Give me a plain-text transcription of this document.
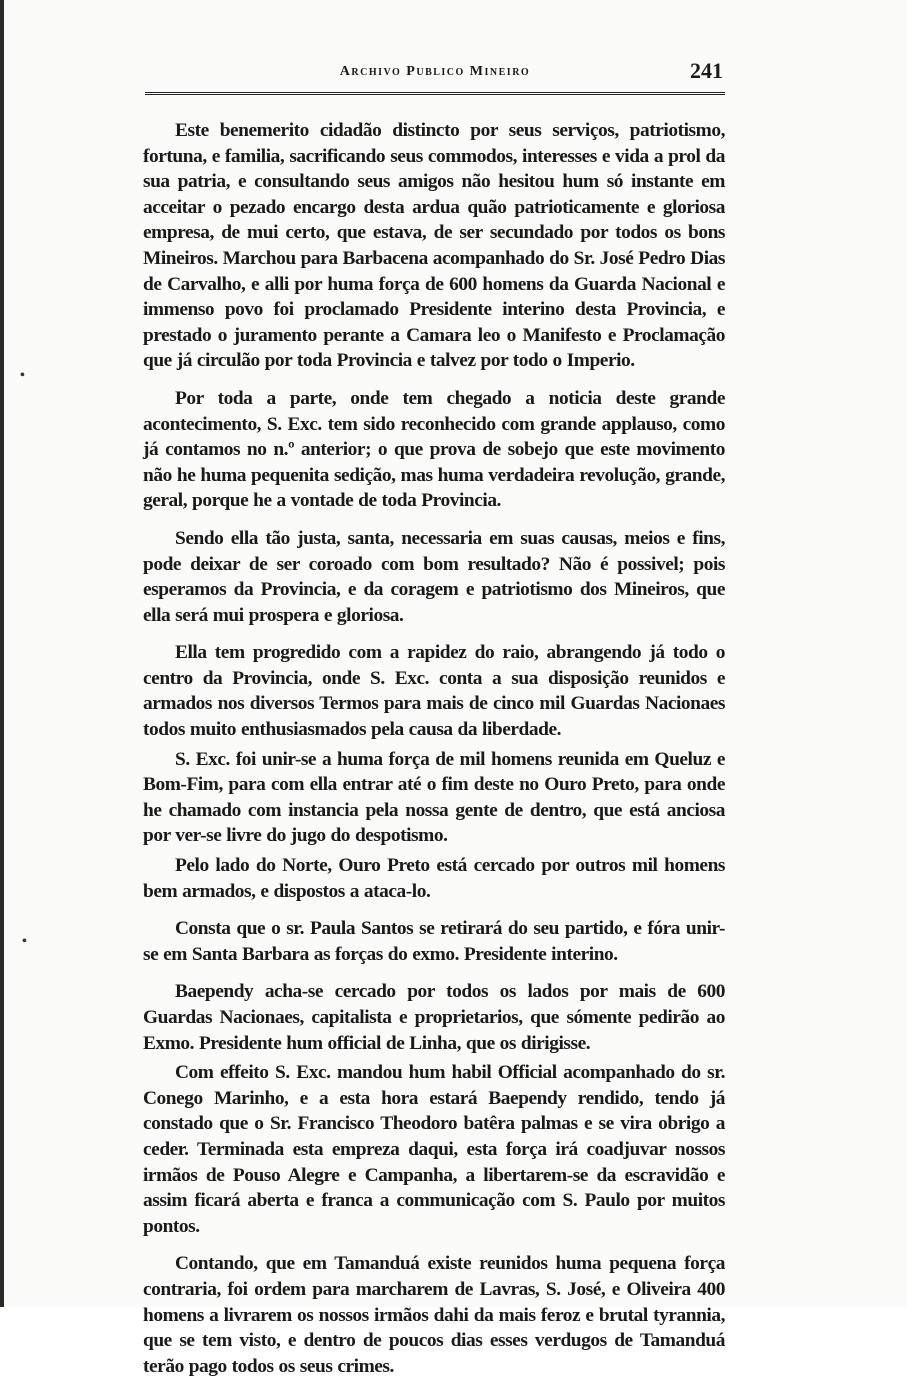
Archivo Publico Mineiro	241
•
•

Este benemerito cidadão distincto por seus serviços, patriotismo, fortuna, e familia, sacrificando seus commodos, interesses e vida a prol da sua patria, e consultando seus amigos não hesitou hum só instante em acceitar o pezado encargo desta ardua quão patrioticamente e gloriosa empresa, de mui certo, que estava, de ser secundado por todos os bons Mineiros. Marchou para Barbacena acompanhado do Sr. José Pedro Dias de Carvalho, e alli por huma força de 600 homens da Guarda Nacional e immenso povo foi proclamado Presidente interino desta Provincia, e prestado o juramento perante a Camara leo o Manifesto e Proclamação que já circulão por toda Provincia e talvez por todo o Imperio.

Por toda a parte, onde tem chegado a noticia deste grande acontecimento, S. Exc. tem sido reconhecido com grande applauso, como já contamos no n.º anterior; o que prova de sobejo que este movimento não he huma pequenita sedição, mas huma verdadeira revolução, grande, geral, porque he a vontade de toda Provincia.

Sendo ella tão justa, santa, necessaria em suas causas, meios e fins, pode deixar de ser coroado com bom resultado? Não é possivel; pois esperamos da Provincia, e da coragem e patriotismo dos Mineiros, que ella será mui prospera e gloriosa.

Ella tem progredido com a rapidez do raio, abrangendo já todo o centro da Provincia, onde S. Exc. conta a sua disposição reunidos e armados nos diversos Termos para mais de cinco mil Guardas Nacionaes todos muito enthusiasmados pela causa da liberdade.

S. Exc. foi unir-se a huma força de mil homens reunida em Queluz e Bom-Fim, para com ella entrar até o fim deste no Ouro Preto, para onde he chamado com instancia pela nossa gente de dentro, que está anciosa por ver-se livre do jugo do despotismo.

Pelo lado do Norte, Ouro Preto está cercado por outros mil homens bem armados, e dispostos a ataca-lo.

Consta que o sr. Paula Santos se retirará do seu partido, e fóra unir-se em Santa Barbara as forças do exmo. Presidente interino.

Baependy acha-se cercado por todos os lados por mais de 600 Guardas Nacionaes, capitalista e proprietarios, que sómente pedirão ao Exmo. Presidente hum official de Linha, que os dirigisse.

Com effeito S. Exc. mandou hum habil Official acompanhado do sr. Conego Marinho, e a esta hora estará Baependy rendido, tendo já constado que o Sr. Francisco Theodoro batêra palmas e se vira obrigo a ceder. Terminada esta empreza daqui, esta força irá coadjuvar nossos irmãos de Pouso Alegre e Campanha, a libertarem-se da escravidão e assim ficará aberta e franca a communicação com S. Paulo por muitos pontos.

Contando, que em Tamanduá existe reunidos huma pequena força contraria, foi ordem para marcharem de Lavras, S. José, e Oliveira 400 homens a livrarem os nossos irmãos dahi da mais feroz e brutal tyrannia, que se tem visto, e dentro de poucos dias esses verdugos de Tamanduá terão pago todos os seus crimes.
